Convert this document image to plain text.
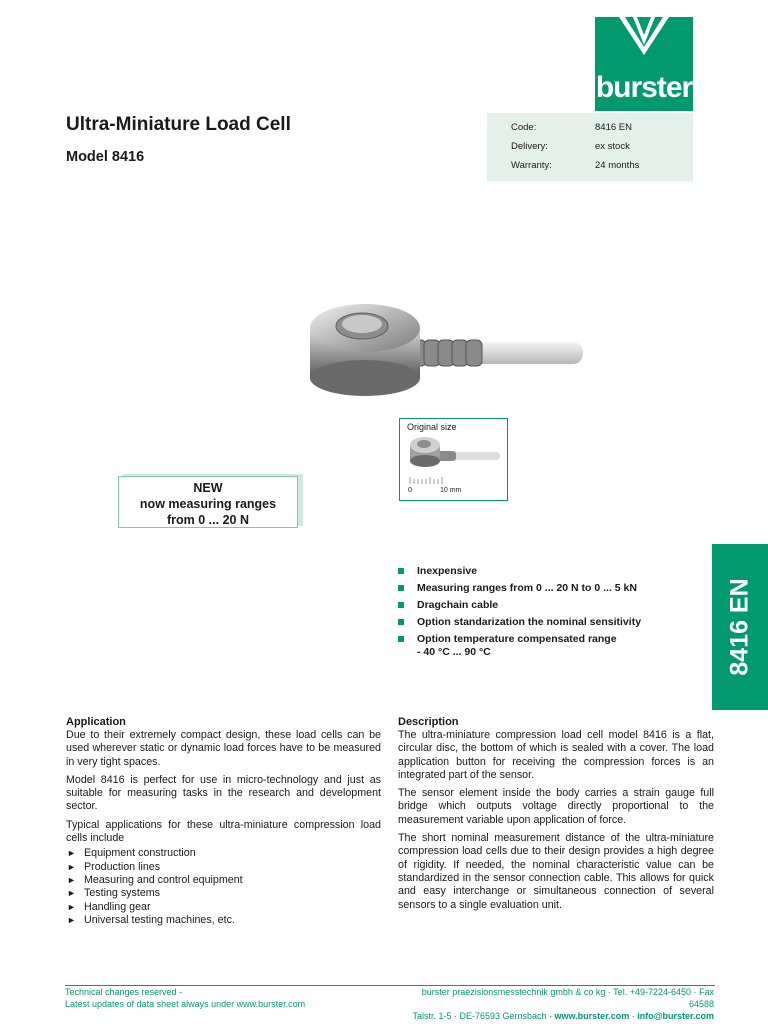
burster
Ultra-Miniature Load Cell
Model 8416
Code:	8416 EN
Delivery:	ex stock
Warranty:	24 months
Original size
0	10 mm
NEW
now measuring ranges
from 0 ... 20 N
Inexpensive
Measuring ranges from 0 ... 20 N to 0 ... 5 kN
Dragchain cable
Option standarization the nominal sensitivity
Option temperature compensated range
- 40 °C ... 90 °C	8416 EN
Application

Due to their extremely compact design, these load cells can be used wherever static or dynamic load forces have to be measured in very tight spaces.

Model 8416 is perfect for use in micro-technology and just as suitable for measuring tasks in the research and development sector.

Typical applications for these ultra-miniature compression load cells include

► Equipment construction
► Production lines
► Measuring and control equipment
► Testing systems
► Handling gear
► Universal testing machines, etc.
Description

The ultra-miniature compression load cell model 8416 is a flat, circular disc, the bottom of which is sealed with a cover. The load application button for receiving the compression forces is an integrated part of the sensor.

The sensor element inside the body carries a strain gauge full bridge which outputs voltage directly proportional to the measurement variable upon application of force.

The short nominal measurement distance of the ultra-miniature compression load cells due to their design provides a high degree of rigidity. If needed, the nominal characteristic value can be standardized in the sensor connection cable. This allows for quick and easy interchange or simultaneous connection of several sensors to a single evaluation unit.

Technical changes reserved -
Latest updates of data sheet always under www.burster.com
burster praezisionsmesstechnik gmbh & co kg · Tel. +49-7224-6450 · Fax 64588
Talstr. 1-5 · DE-76593 Gernsbach · www.burster.com · info@burster.com
